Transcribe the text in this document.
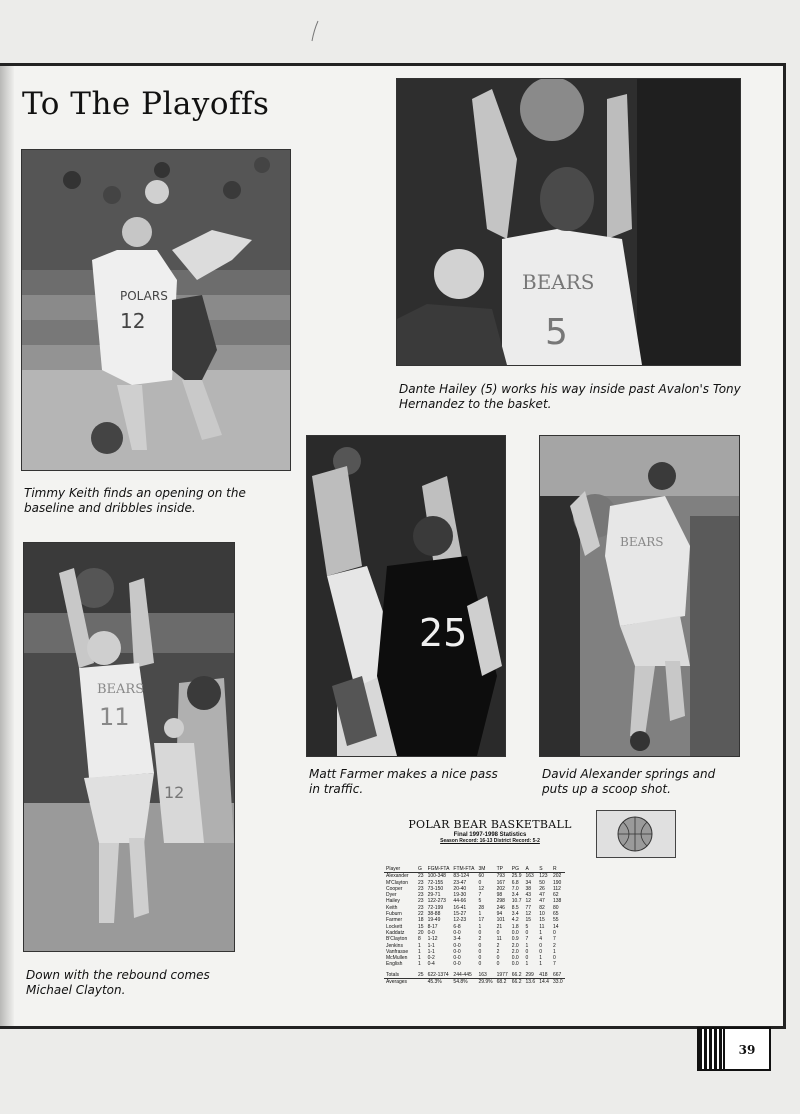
To The Playoffs
POLARS
12
Timmy Keith finds an opening on the baseline and dribbles inside.
BEARS
5
Dante Hailey (5) works his way inside past Avalon's Tony Hernandez to the basket.
25
Matt Farmer makes a nice pass in traffic.
BEARS
David Alexander springs and puts up a scoop shot.
BEARS
11
12
Down with the rebound comes Michael Clayton.
POLAR BEAR BASKETBALL
Final 1997-1998 Statistics
Season Record: 16-13 District Record: 5-2
Player	G	FGM-FTA	FTM-FTA	3M	TP	PG	A	S	R
Alexander	23	100-348	83-124	60	793	25.9	163	123	202
M'Clayton	23	72-155	23-47	0	167	6.8	34	50	190
Cooper	23	73-150	20-40	12	202	7.0	38	26	112
Dyer	23	29-71	19-30	7	98	3.4	43	47	62
Hailey	23	122-273	44-66	5	298	10.7	12	47	138
Keith	23	72-199	16-41	28	246	8.5	77	82	80
Fuburn	22	38-88	15-27	1	94	3.4	12	10	65
Farmer	18	19-49	12-23	17	101	4.2	15	15	55
Lockett	15	8-17	6-8	1	21	1.8	5	11	14
Kaddatz	20	0-0	0-0	0	0	0.0	0	1	0
B'Clayton	8	1-12	3-4	2	11	0.9	7	4	7
Jenkins	1	1-1	0-0	0	2	2.0	1	0	2
Vanfrasse	1	1-1	0-0	0	2	2.0	0	0	1
McMullen	1	0-2	0-0	0	0	0.0	0	1	0
English	1	0-4	0-0	0	0	0.0	1	1	7
Totals	25	622-1374	244-445	163	1977	66.2	299	418	667
Averages		45.3%	54.8%	29.9%	68.2	66.2	13.6	14.4	33.0
39
